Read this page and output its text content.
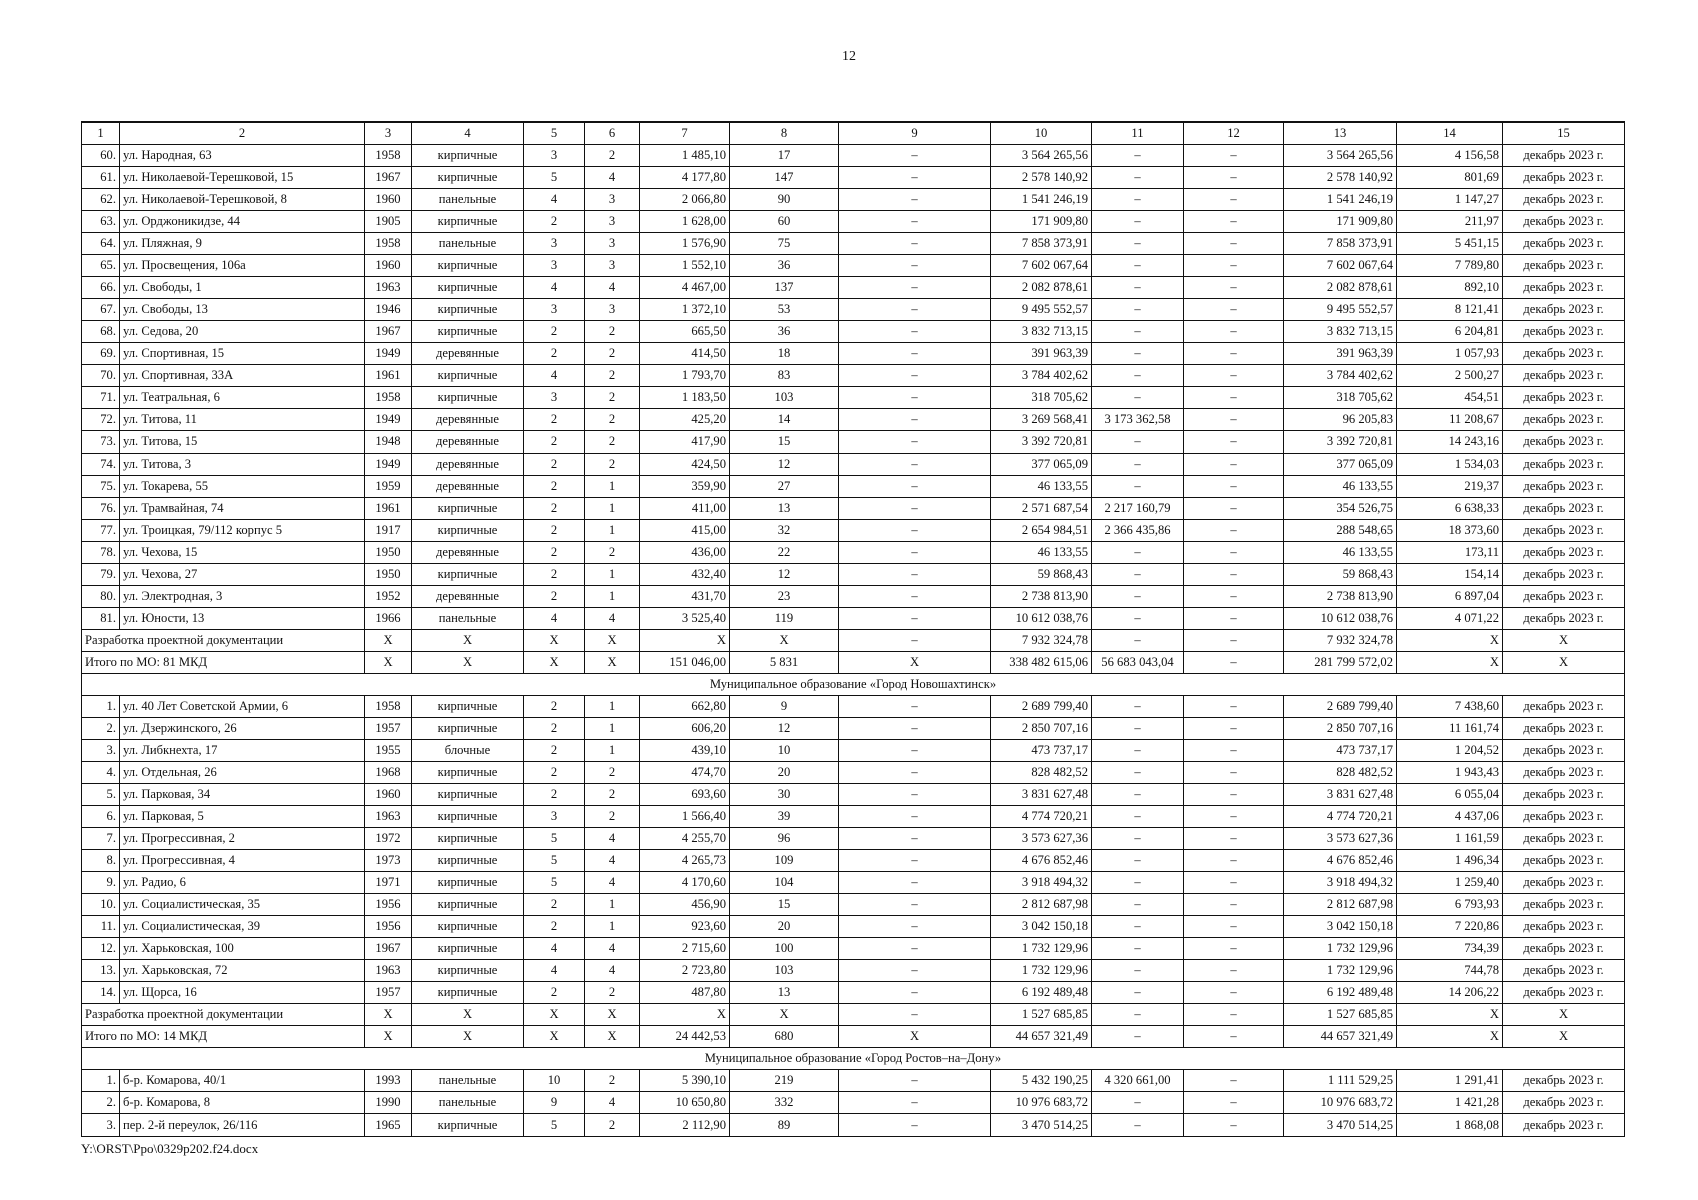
12
1	2	3	4	5	6	7	8	9	10	11	12	13	14	15
60.	ул. Народная, 63	1958	кирпичные	3	2	1 485,10	17	–	3 564 265,56	–	–	3 564 265,56	4 156,58	декабрь 2023 г.
61.	ул. Николаевой-Терешковой, 15	1967	кирпичные	5	4	4 177,80	147	–	2 578 140,92	–	–	2 578 140,92	801,69	декабрь 2023 г.
62.	ул. Николаевой-Терешковой, 8	1960	панельные	4	3	2 066,80	90	–	1 541 246,19	–	–	1 541 246,19	1 147,27	декабрь 2023 г.
63.	ул. Орджоникидзе, 44	1905	кирпичные	2	3	1 628,00	60	–	171 909,80	–	–	171 909,80	211,97	декабрь 2023 г.
64.	ул. Пляжная, 9	1958	панельные	3	3	1 576,90	75	–	7 858 373,91	–	–	7 858 373,91	5 451,15	декабрь 2023 г.
65.	ул. Просвещения, 106а	1960	кирпичные	3	3	1 552,10	36	–	7 602 067,64	–	–	7 602 067,64	7 789,80	декабрь 2023 г.
66.	ул. Свободы, 1	1963	кирпичные	4	4	4 467,00	137	–	2 082 878,61	–	–	2 082 878,61	892,10	декабрь 2023 г.
67.	ул. Свободы, 13	1946	кирпичные	3	3	1 372,10	53	–	9 495 552,57	–	–	9 495 552,57	8 121,41	декабрь 2023 г.
68.	ул. Седова, 20	1967	кирпичные	2	2	665,50	36	–	3 832 713,15	–	–	3 832 713,15	6 204,81	декабрь 2023 г.
69.	ул. Спортивная, 15	1949	деревянные	2	2	414,50	18	–	391 963,39	–	–	391 963,39	1 057,93	декабрь 2023 г.
70.	ул. Спортивная, 33А	1961	кирпичные	4	2	1 793,70	83	–	3 784 402,62	–	–	3 784 402,62	2 500,27	декабрь 2023 г.
71.	ул. Театральная, 6	1958	кирпичные	3	2	1 183,50	103	–	318 705,62	–	–	318 705,62	454,51	декабрь 2023 г.
72.	ул. Титова, 11	1949	деревянные	2	2	425,20	14	–	3 269 568,41	3 173 362,58	–	96 205,83	11 208,67	декабрь 2023 г.
73.	ул. Титова, 15	1948	деревянные	2	2	417,90	15	–	3 392 720,81	–	–	3 392 720,81	14 243,16	декабрь 2023 г.
74.	ул. Титова, 3	1949	деревянные	2	2	424,50	12	–	377 065,09	–	–	377 065,09	1 534,03	декабрь 2023 г.
75.	ул. Токарева, 55	1959	деревянные	2	1	359,90	27	–	46 133,55	–	–	46 133,55	219,37	декабрь 2023 г.
76.	ул. Трамвайная, 74	1961	кирпичные	2	1	411,00	13	–	2 571 687,54	2 217 160,79	–	354 526,75	6 638,33	декабрь 2023 г.
77.	ул. Троицкая, 79/112 корпус 5	1917	кирпичные	2	1	415,00	32	–	2 654 984,51	2 366 435,86	–	288 548,65	18 373,60	декабрь 2023 г.
78.	ул. Чехова, 15	1950	деревянные	2	2	436,00	22	–	46 133,55	–	–	46 133,55	173,11	декабрь 2023 г.
79.	ул. Чехова, 27	1950	кирпичные	2	1	432,40	12	–	59 868,43	–	–	59 868,43	154,14	декабрь 2023 г.
80.	ул. Электродная, 3	1952	деревянные	2	1	431,70	23	–	2 738 813,90	–	–	2 738 813,90	6 897,04	декабрь 2023 г.
81.	ул. Юности, 13	1966	панельные	4	4	3 525,40	119	–	10 612 038,76	–	–	10 612 038,76	4 071,22	декабрь 2023 г.
Разработка проектной документации		X	X	X	X	X	X	–	7 932 324,78	–	–	7 932 324,78	X	X
Итого по МО: 81 МКД		X	X	X	X	151 046,00	5 831	X	338 482 615,06	56 683 043,04	–	281 799 572,02	X	X
Муниципальное образование «Город Новошахтинск»														
1.	ул. 40 Лет Советской Армии, 6	1958	кирпичные	2	1	662,80	9	–	2 689 799,40	–	–	2 689 799,40	7 438,60	декабрь 2023 г.
2.	ул. Дзержинского, 26	1957	кирпичные	2	1	606,20	12	–	2 850 707,16	–	–	2 850 707,16	11 161,74	декабрь 2023 г.
3.	ул. Либкнехта, 17	1955	блочные	2	1	439,10	10	–	473 737,17	–	–	473 737,17	1 204,52	декабрь 2023 г.
4.	ул. Отдельная, 26	1968	кирпичные	2	2	474,70	20	–	828 482,52	–	–	828 482,52	1 943,43	декабрь 2023 г.
5.	ул. Парковая, 34	1960	кирпичные	2	2	693,60	30	–	3 831 627,48	–	–	3 831 627,48	6 055,04	декабрь 2023 г.
6.	ул. Парковая, 5	1963	кирпичные	3	2	1 566,40	39	–	4 774 720,21	–	–	4 774 720,21	4 437,06	декабрь 2023 г.
7.	ул. Прогрессивная, 2	1972	кирпичные	5	4	4 255,70	96	–	3 573 627,36	–	–	3 573 627,36	1 161,59	декабрь 2023 г.
8.	ул. Прогрессивная, 4	1973	кирпичные	5	4	4 265,73	109	–	4 676 852,46	–	–	4 676 852,46	1 496,34	декабрь 2023 г.
9.	ул. Радио, 6	1971	кирпичные	5	4	4 170,60	104	–	3 918 494,32	–	–	3 918 494,32	1 259,40	декабрь 2023 г.
10.	ул. Социалистическая, 35	1956	кирпичные	2	1	456,90	15	–	2 812 687,98	–	–	2 812 687,98	6 793,93	декабрь 2023 г.
11.	ул. Социалистическая, 39	1956	кирпичные	2	1	923,60	20	–	3 042 150,18	–	–	3 042 150,18	7 220,86	декабрь 2023 г.
12.	ул. Харьковская, 100	1967	кирпичные	4	4	2 715,60	100	–	1 732 129,96	–	–	1 732 129,96	734,39	декабрь 2023 г.
13.	ул. Харьковская, 72	1963	кирпичные	4	4	2 723,80	103	–	1 732 129,96	–	–	1 732 129,96	744,78	декабрь 2023 г.
14.	ул. Щорса, 16	1957	кирпичные	2	2	487,80	13	–	6 192 489,48	–	–	6 192 489,48	14 206,22	декабрь 2023 г.
Разработка проектной документации		X	X	X	X	X	X	–	1 527 685,85	–	–	1 527 685,85	X	X
Итого по МО: 14 МКД		X	X	X	X	24 442,53	680	X	44 657 321,49	–	–	44 657 321,49	X	X
Муниципальное образование «Город Ростов–на–Дону»														
1.	б-р. Комарова, 40/1	1993	панельные	10	2	5 390,10	219	–	5 432 190,25	4 320 661,00	–	1 111 529,25	1 291,41	декабрь 2023 г.
2.	б-р. Комарова, 8	1990	панельные	9	4	10 650,80	332	–	10 976 683,72	–	–	10 976 683,72	1 421,28	декабрь 2023 г.
3.	пер. 2-й переулок, 26/116	1965	кирпичные	5	2	2 112,90	89	–	3 470 514,25	–	–	3 470 514,25	1 868,08	декабрь 2023 г.
Y:\ORST\Ppo\0329p202.f24.docx
